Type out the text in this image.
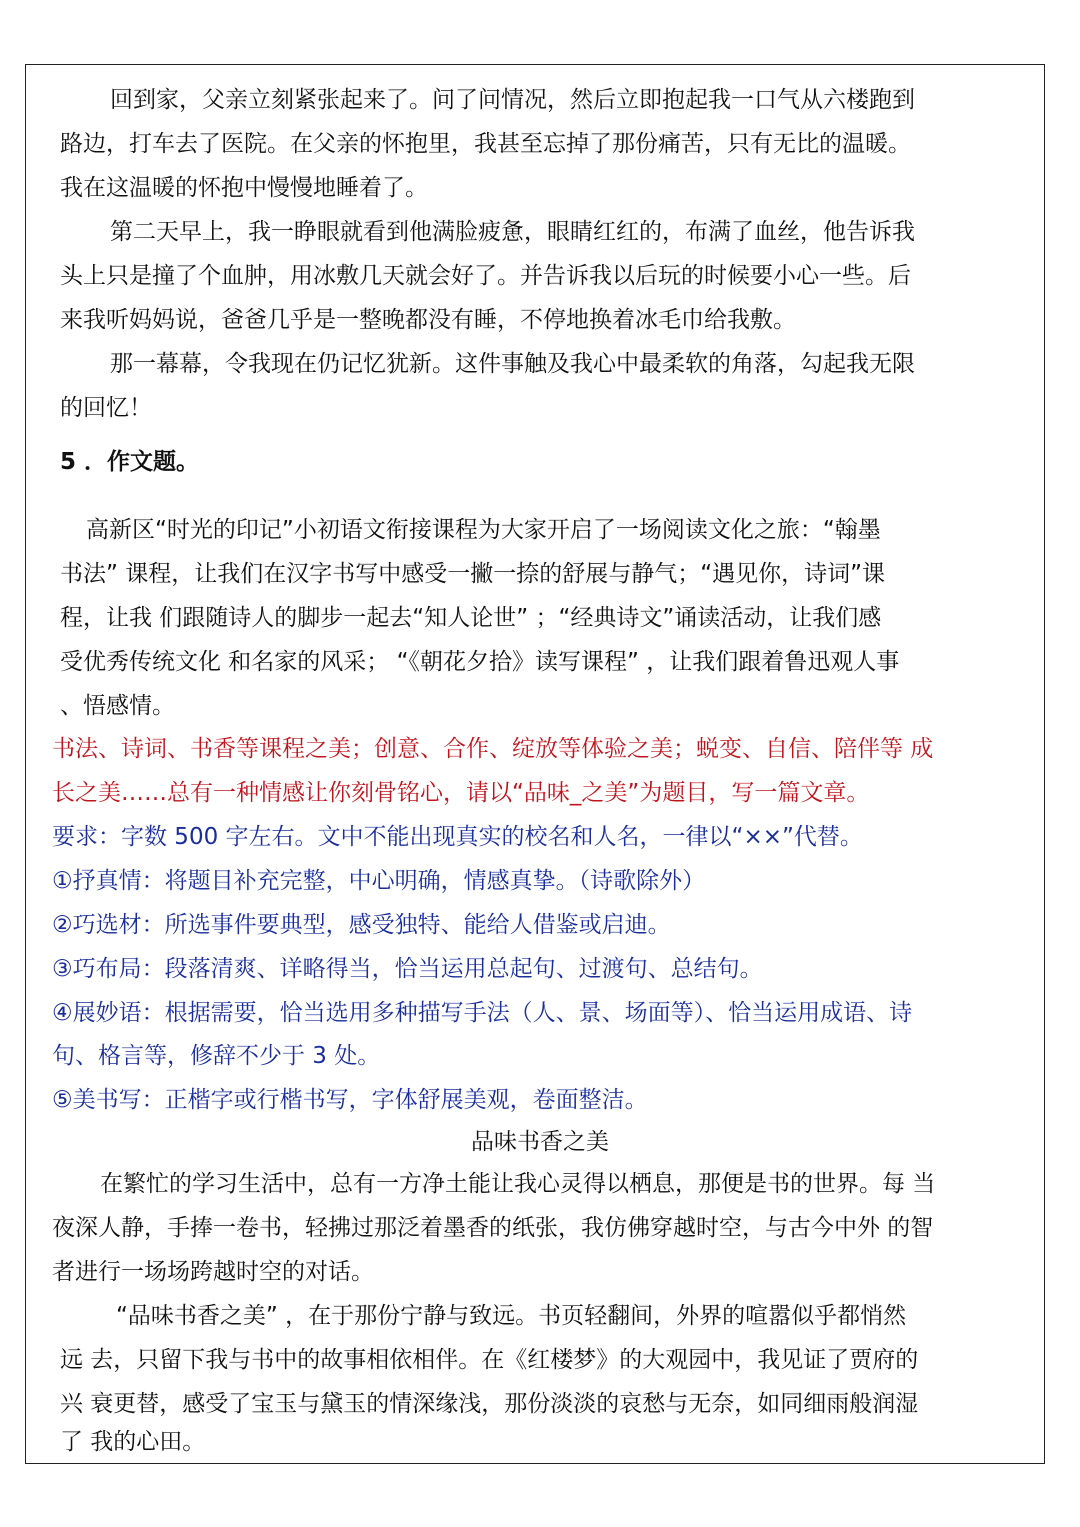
回到家，父亲立刻紧张起来了。问了问情况，然后立即抱起我一口气从六楼跑到

路边，打车去了医院。在父亲的怀抱里，我甚至忘掉了那份痛苦，只有无比的温暖。

我在这温暖的怀抱中慢慢地睡着了。

第二天早上，我一睁眼就看到他满脸疲惫，眼睛红红的，布满了血丝，他告诉我

头上只是撞了个血肿，用冰敷几天就会好了。并告诉我以后玩的时候要小心一些。后

来我听妈妈说，爸爸几乎是一整晚都没有睡，不停地换着冰毛巾给我敷。

那一幕幕，令我现在仍记忆犹新。这件事触及我心中最柔软的角落，勾起我无限

的回忆！

5 ．作文题。

高新区“时光的印记”小初语文衔接课程为大家开启了一场阅读文化之旅：“翰墨

书法” 课程，让我们在汉字书写中感受一撇一捺的舒展与静气；“遇见你，诗词”课

程，让我 们跟随诗人的脚步一起去“知人论世” ；“经典诗文”诵读活动，让我们感

受优秀传统文化 和名家的风采； “《朝花夕拾》读写课程” ，让我们跟着鲁迅观人事

、悟感情。

书法、诗词、书香等课程之美；创意、合作、绽放等体验之美；蜕变、自信、陪伴等 成

长之美……总有一种情感让你刻骨铭心，请以“品味_之美”为题目，写一篇文章。

要求：字数 500 字左右。文中不能出现真实的校名和人名，一律以“××”代替。

①抒真情：将题目补充完整，中心明确，情感真挚。（诗歌除外）

②巧选材：所选事件要典型，感受独特、能给人借鉴或启迪。

③巧布局：段落清爽、详略得当，恰当运用总起句、过渡句、总结句。

④展妙语：根据需要，恰当选用多种描写手法（人、景、场面等）、恰当运用成语、诗

句、格言等，修辞不少于 3 处。

⑤美书写：正楷字或行楷书写，字体舒展美观，卷面整洁。

品味书香之美

在繁忙的学习生活中，总有一方净土能让我心灵得以栖息，那便是书的世界。每 当

夜深人静，手捧一卷书，轻拂过那泛着墨香的纸张，我仿佛穿越时空，与古今中外 的智

者进行一场场跨越时空的对话。

“品味书香之美” ，在于那份宁静与致远。书页轻翻间，外界的喧嚣似乎都悄然

远 去，只留下我与书中的故事相依相伴。在《红楼梦》的大观园中，我见证了贾府的

兴 衰更替，感受了宝玉与黛玉的情深缘浅，那份淡淡的哀愁与无奈，如同细雨般润湿

了 我的心田。
